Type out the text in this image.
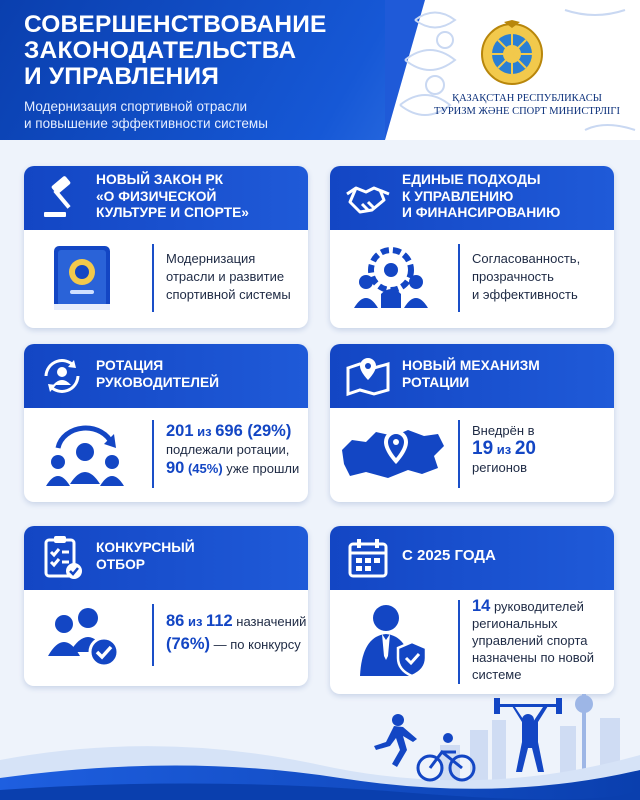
СОВЕРШЕНСТВОВАНИЕ
ЗАКОНОДАТЕЛЬСТВА
И УПРАВЛЕНИЯ
Модернизация спортивной отрасли
и повышение эффективности системы
ҚАЗАҚСТАН РЕСПУБЛИКАСЫ
ТУРИЗМ ЖӘНЕ СПОРТ МИНИСТРЛІГІ
НОВЫЙ ЗАКОН РК
«О ФИЗИЧЕСКОЙ
КУЛЬТУРЕ И СПОРТЕ»
Модернизация
отрасли и развитие
спортивной системы
ЕДИНЫЕ ПОДХОДЫ
К УПРАВЛЕНИЮ
И ФИНАНСИРОВАНИЮ
Согласованность,
прозрачность
и эффективность
РОТАЦИЯ
РУКОВОДИТЕЛЕЙ
201 из 696 (29%)
подлежали ротации,
90 (45%) уже прошли
НОВЫЙ МЕХАНИЗМ
РОТАЦИИ
Внедрён в
19 из 20
регионов
КОНКУРСНЫЙ
ОТБОР
86 из 112 назначений
(76%) — по конкурсу
С 2025 ГОДА
14 руководителей
региональных
управлений спорта
назначены по новой
системе
